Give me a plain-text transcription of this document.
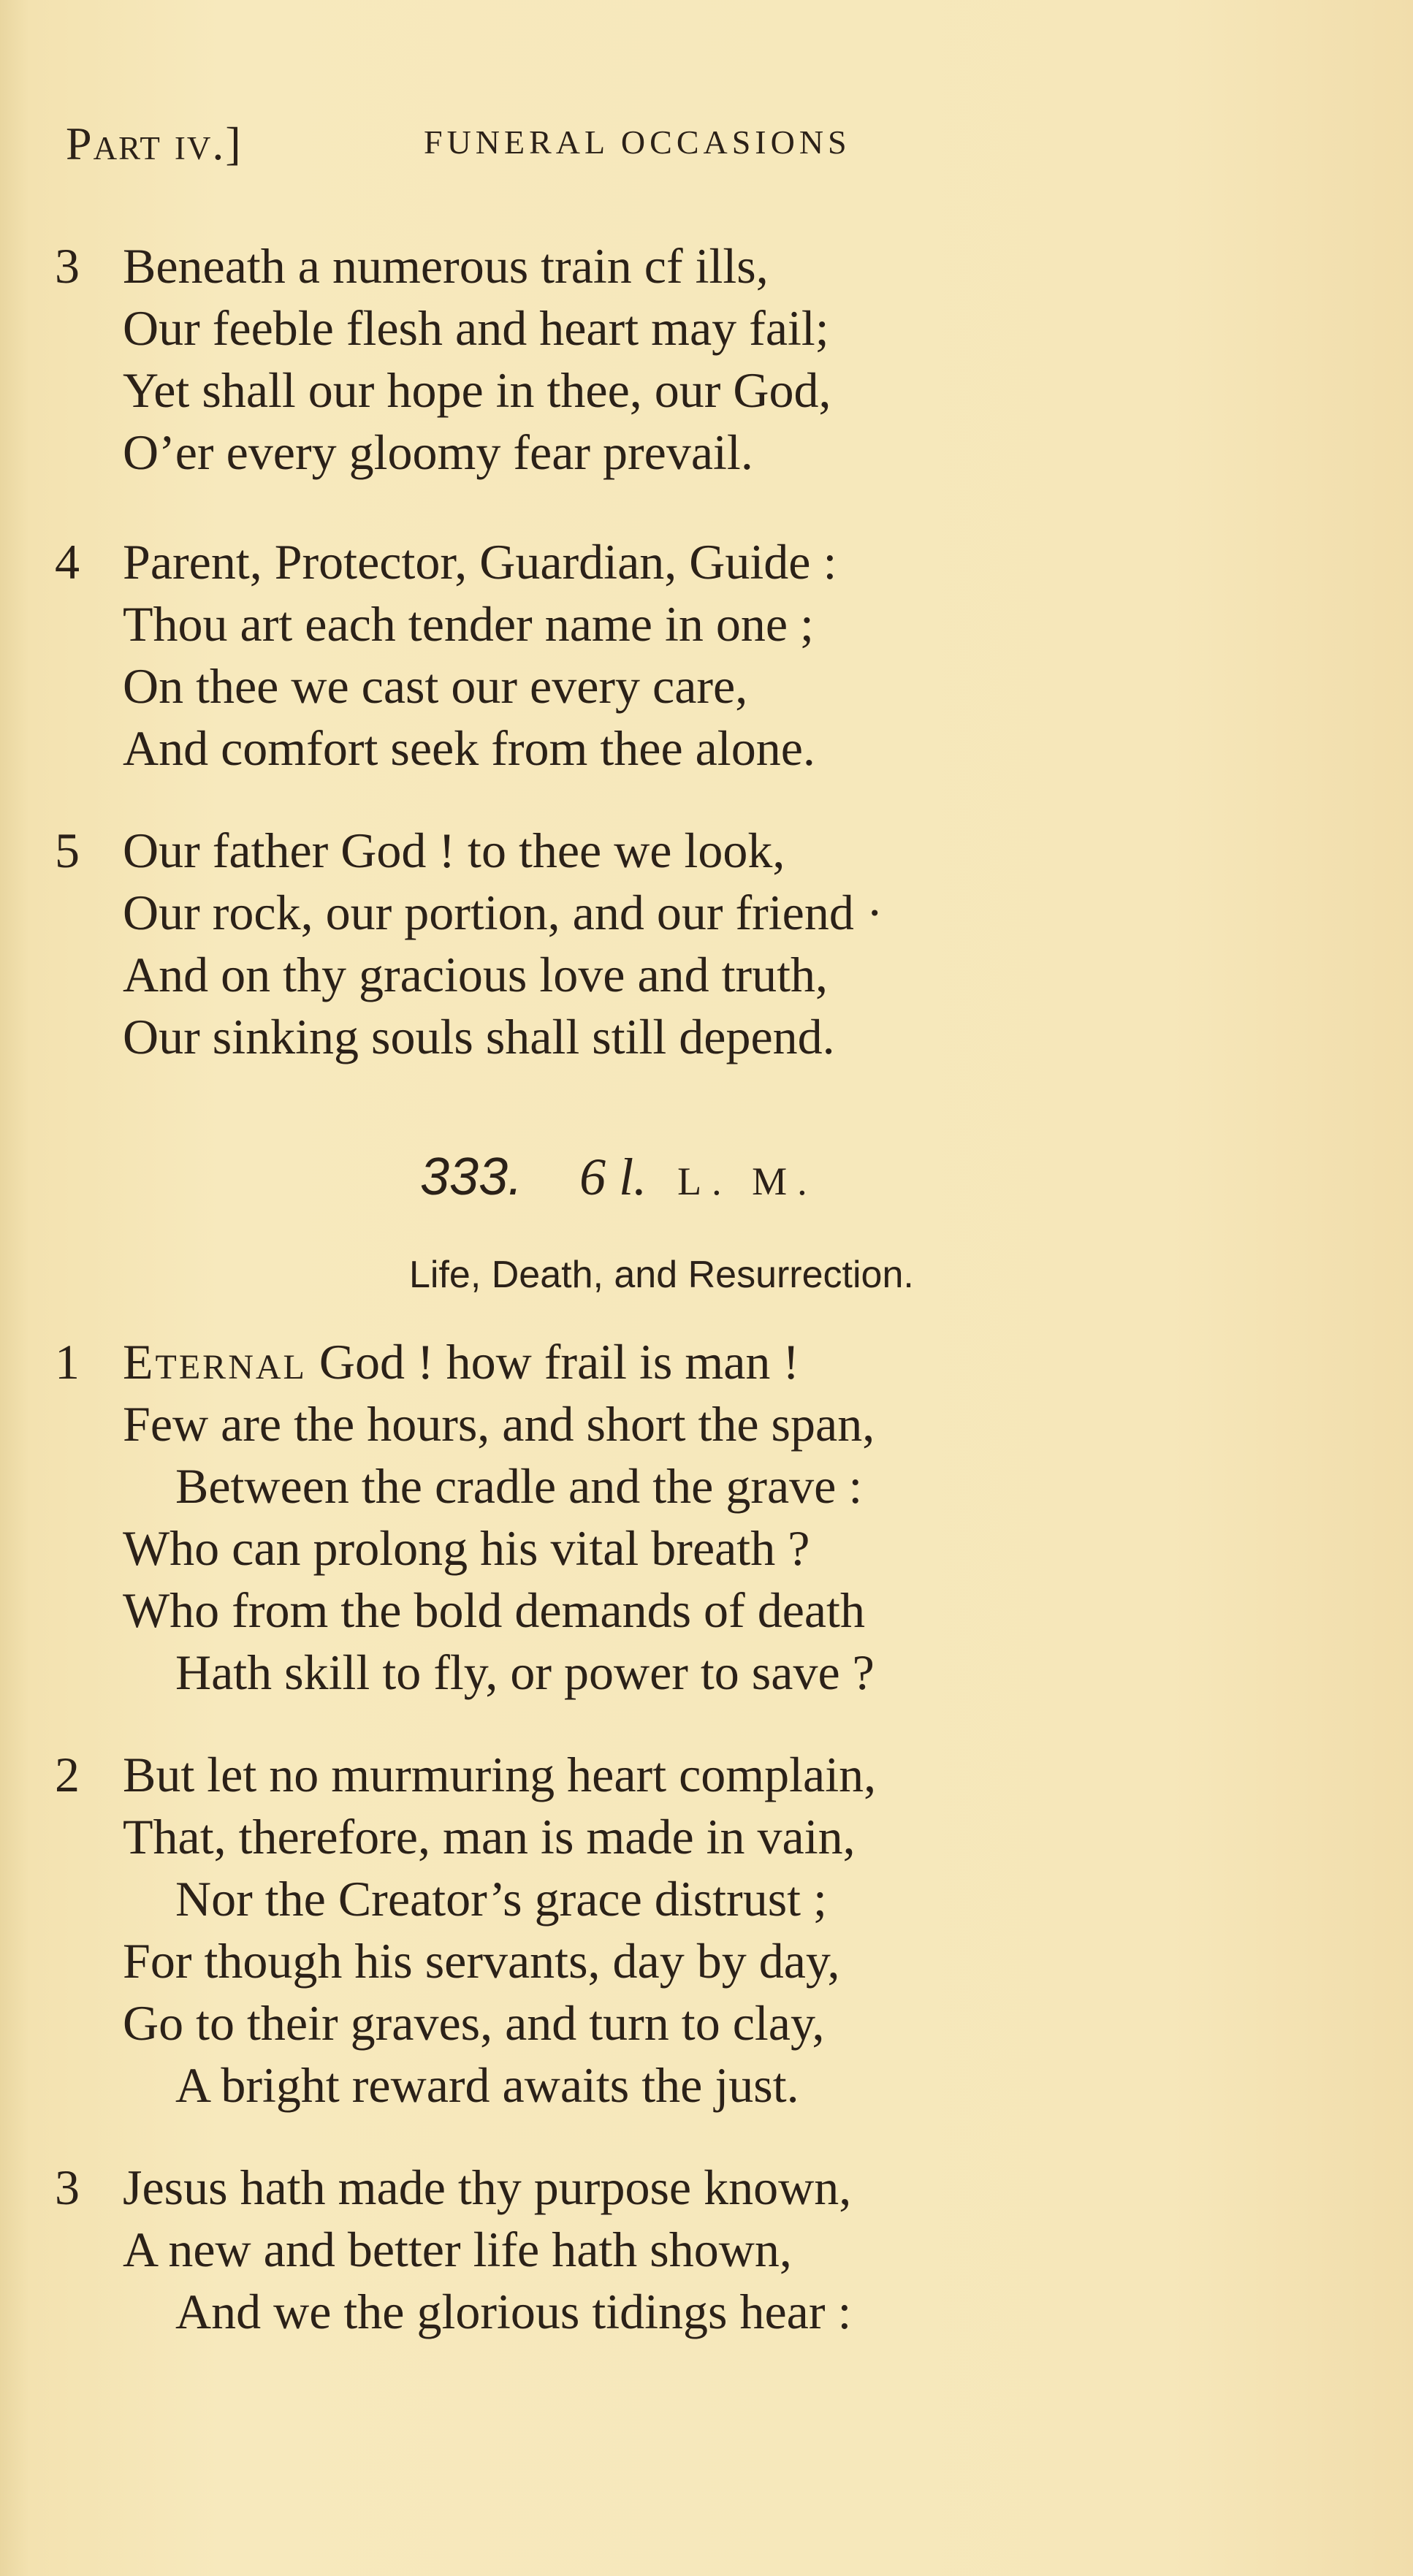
Part iv.]	FUNERAL OCCASIONS
3 Beneath a numerous train cf ills,
Our feeble flesh and heart may fail;
Yet shall our hope in thee, our God,
O’er every gloomy fear prevail.
4 Parent, Protector, Guardian, Guide :
Thou art each tender name in one ;
On thee we cast our every care,
And comfort seek from thee alone.
5 Our father God ! to thee we look,
Our rock, our portion, and our friend ·
And on thy gracious love and truth,
Our sinking souls shall still depend.
333. 6 l. L. M.
Life, Death, and Resurrection.
1 Eternal God ! how frail is man !
Few are the hours, and short the span,
Between the cradle and the grave :
Who can prolong his vital breath ?
Who from the bold demands of death
Hath skill to fly, or power to save ?
2 But let no murmuring heart complain,
That, therefore, man is made in vain,
Nor the Creator’s grace distrust ;
For though his servants, day by day,
Go to their graves, and turn to clay,
A bright reward awaits the just.
3 Jesus hath made thy purpose known,
A new and better life hath shown,
And we the glorious tidings hear :
